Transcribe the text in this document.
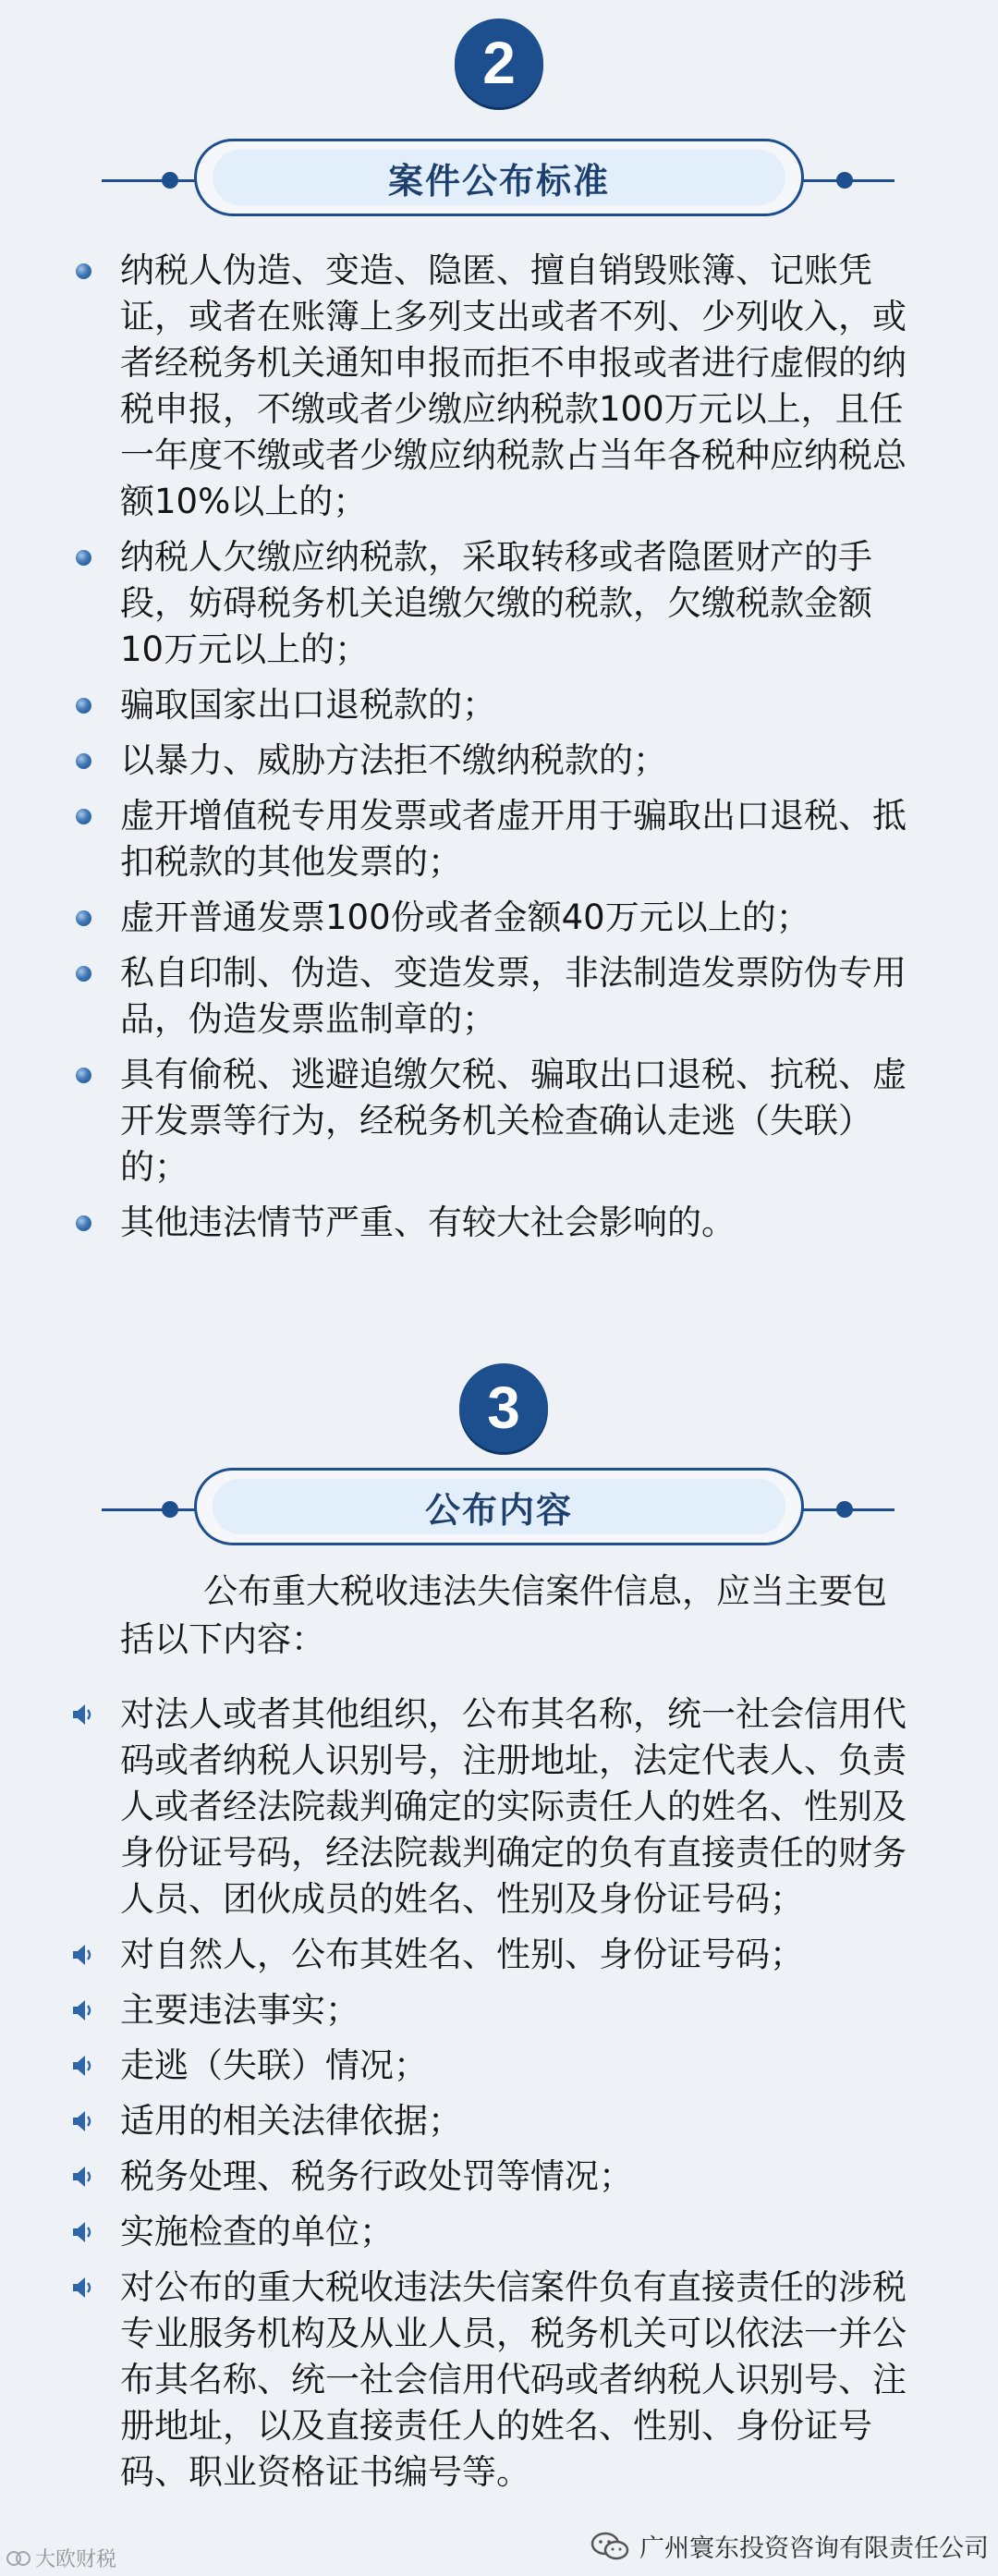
2
案件公布标准
纳税人伪造、变造、隐匿、擅自销毁账簿、记账凭证，或者在账簿上多列支出或者不列、少列收入，或者经税务机关通知申报而拒不申报或者进行虚假的纳税申报，不缴或者少缴应纳税款100万元以上，且任一年度不缴或者少缴应纳税款占当年各税种应纳税总额10%以上的；
纳税人欠缴应纳税款，采取转移或者隐匿财产的手段，妨碍税务机关追缴欠缴的税款，欠缴税款金额10万元以上的；
骗取国家出口退税款的；
以暴力、威胁方法拒不缴纳税款的；
虚开增值税专用发票或者虚开用于骗取出口退税、抵扣税款的其他发票的；
虚开普通发票100份或者金额40万元以上的；
私自印制、伪造、变造发票，非法制造发票防伪专用品，伪造发票监制章的；
具有偷税、逃避追缴欠税、骗取出口退税、抗税、虚开发票等行为，经税务机关检查确认走逃（失联）的；
其他违法情节严重、有较大社会影响的。
3
公布内容

公布重大税收违法失信案件信息，应当主要包括以下内容：

对法人或者其他组织，公布其名称，统一社会信用代码或者纳税人识别号，注册地址，法定代表人、负责人或者经法院裁判确定的实际责任人的姓名、性别及身份证号码，经法院裁判确定的负有直接责任的财务人员、团伙成员的姓名、性别及身份证号码；
对自然人，公布其姓名、性别、身份证号码；
主要违法事实；
走逃（失联）情况；
适用的相关法律依据；
税务处理、税务行政处罚等情况；
实施检查的单位；
对公布的重大税收违法失信案件负有直接责任的涉税专业服务机构及从业人员，税务机关可以依法一并公布其名称、统一社会信用代码或者纳税人识别号、注册地址，以及直接责任人的姓名、性别、身份证号码、职业资格证书编号等。
大欧财税	广州寰东投资咨询有限责任公司
